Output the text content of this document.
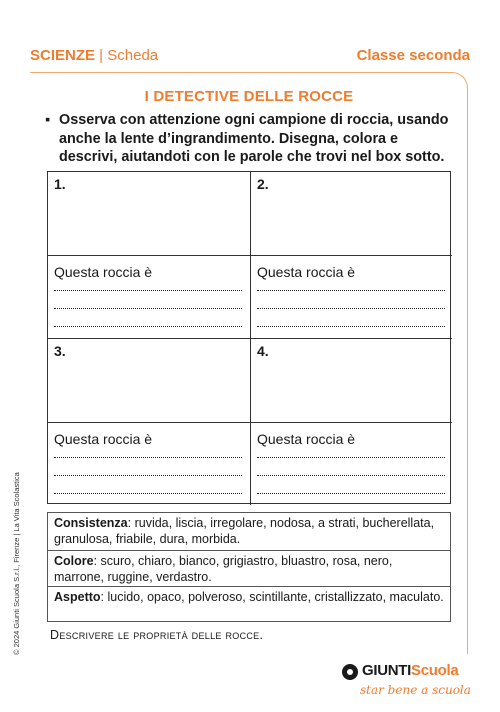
SCIENZE | Scheda	Classe seconda
I DETECTIVE DELLE ROCCE
▪ Osserva con attenzione ogni campione di roccia, usando anche la lente d’ingrandimento. Disegna, colora e descrivi, aiutandoti con le parole che trovi nel box sotto.
1.
Questa roccia è
2.
Questa roccia è
3.
Questa roccia è
4.
Questa roccia è
Consistenza: ruvida, liscia, irregolare, nodosa, a strati, bucherellata, granulosa, friabile, dura, morbida.
Colore: scuro, chiaro, bianco, grigiastro, bluastro, rosa, nero, marrone, ruggine, verdastro.
Aspetto: lucido, opaco, polveroso, scintillante, cristallizzato, maculato.
Descrivere le proprietà delle rocce.
© 2024 Giunti Scuola S.r.l., Firenze | La Vita Scolastica
GIUNTIScuola
star bene a scuola
